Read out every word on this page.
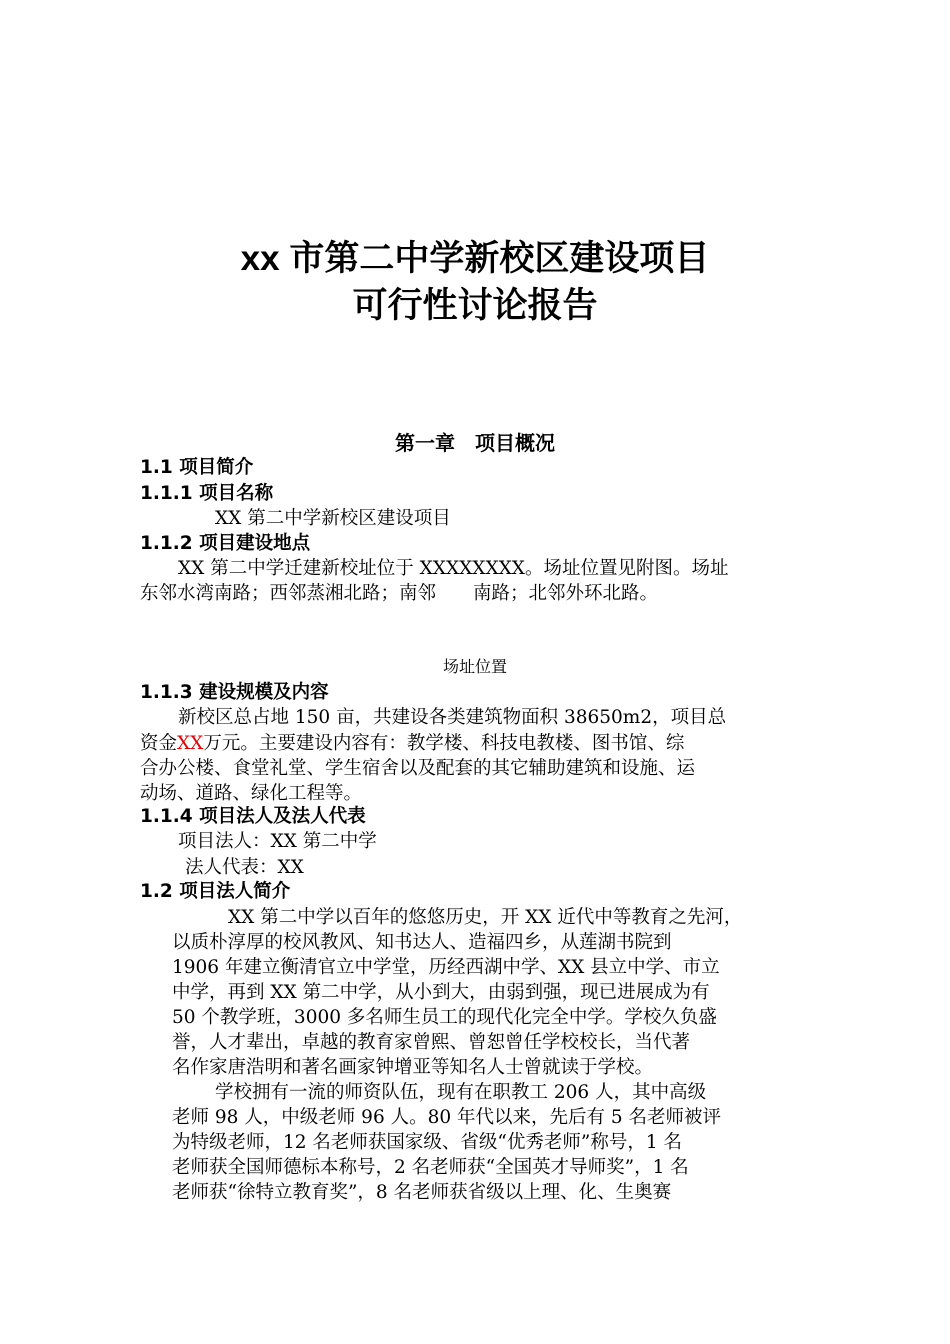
xx 市第二中学新校区建设项目
可行性讨论报告
第一章　项目概况
1.1 项目简介
1.1.1 项目名称
XX 第二中学新校区建设项目
1.1.2 项目建设地点
XX 第二中学迁建新校址位于 XXXXXXXX。场址位置见附图。场址
东邻水湾南路；西邻蒸湘北路；南邻　　南路；北邻外环北路。
场址位置
1.1.3 建设规模及内容
新校区总占地 150 亩，共建设各类建筑物面积 38650m2，项目总
资金XX万元。主要建设内容有：教学楼、科技电教楼、图书馆、综
合办公楼、食堂礼堂、学生宿舍以及配套的其它辅助建筑和设施、运
动场、道路、绿化工程等。
1.1.4 项目法人及法人代表
项目法人：XX 第二中学
法人代表：XX
1.2 项目法人简介
XX 第二中学以百年的悠悠历史，开 XX 近代中等教育之先河，
以质朴淳厚的校风教风、知书达人、造福四乡，从莲湖书院到
1906 年建立衡清官立中学堂，历经西湖中学、XX 县立中学、市立
中学，再到 XX 第二中学，从小到大，由弱到强，现已进展成为有
50 个教学班，3000 多名师生员工的现代化完全中学。学校久负盛
誉，人才辈出，卓越的教育家曾熙、曾恕曾任学校校长，当代著
名作家唐浩明和著名画家钟增亚等知名人士曾就读于学校。
学校拥有一流的师资队伍，现有在职教工 206 人，其中高级
老师 98 人，中级老师 96 人。80 年代以来，先后有 5 名老师被评
为特级老师，12 名老师获国家级、省级“优秀老师”称号，1 名
老师获全国师德标本称号，2 名老师获“全国英才导师奖”，1 名
老师获“徐特立教育奖”，8 名老师获省级以上理、化、生奥赛
